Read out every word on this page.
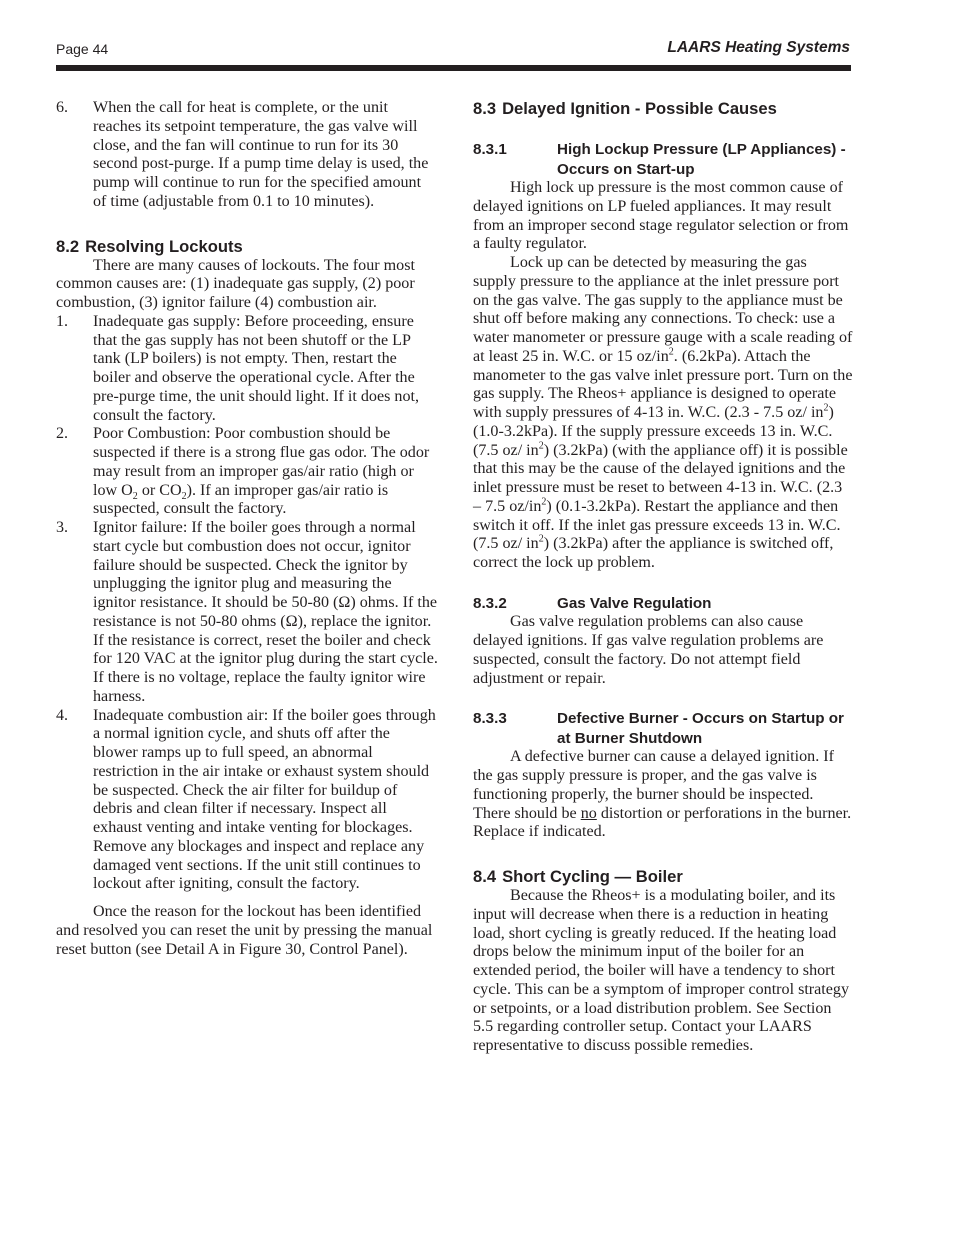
Page 44	LAARS Heating Systems
6. When the call for heat is complete, or the unit reaches its setpoint temperature, the gas valve will close, and the fan will continue to run for its 30 second post-purge. If a pump time delay is used, the pump will continue to run for the specified amount of time (adjustable from 0.1 to 10 minutes).
8.2 Resolving Lockouts

There are many causes of lockouts. The four most common causes are: (1) inadequate gas supply, (2) poor combustion, (3) ignitor failure (4) combustion air.

1. Inadequate gas supply: Before proceeding, ensure that the gas supply has not been shutoff or the LP tank (LP boilers) is not empty. Then, restart the boiler and observe the operational cycle. After the pre-purge time, the unit should light. If it does not, consult the factory.
2. Poor Combustion: Poor combustion should be suspected if there is a strong flue gas odor. The odor may result from an improper gas/air ratio (high or low $O_2$ or $CO_2$). If an improper gas/air ratio is suspected, consult the factory.
3. Ignitor failure: If the boiler goes through a normal start cycle but combustion does not occur, ignitor failure should be suspected. Check the ignitor by unplugging the ignitor plug and measuring the ignitor resistance. It should be 50-80 (Ω) ohms. If the resistance is not 50-80 ohms (Ω), replace the ignitor. If the resistance is correct, reset the boiler and check for 120 VAC at the ignitor plug during the start cycle. If there is no voltage, replace the faulty ignitor wire harness.
4. Inadequate combustion air: If the boiler goes through a normal ignition cycle, and shuts off after the blower ramps up to full speed, an abnormal restriction in the air intake or exhaust system should be suspected. Check the air filter for buildup of debris and clean filter if necessary. Inspect all exhaust venting and intake venting for blockages. Remove any blockages and inspect and replace any damaged vent sections. If the unit still continues to lockout after igniting, consult the factory.

Once the reason for the lockout has been identified and resolved you can reset the unit by pressing the manual reset button (see Detail A in Figure 30, Control Panel).

8.3 Delayed Ignition - Possible Causes
8.3.1	High Lockup Pressure (LP Appliances) - Occurs on Start-up

High lock up pressure is the most common cause of delayed ignitions on LP fueled appliances. It may result from an improper second stage regulator selection or from a faulty regulator.

Lock up can be detected by measuring the gas supply pressure to the appliance at the inlet pressure port on the gas valve. The gas supply to the appliance must be shut off before making any connections. To check: use a water manometer or pressure gauge with a scale reading of at least 25 in. W.C. or 15 $oz/in^2$. (6.2kPa). Attach the manometer to the gas valve inlet pressure port. Turn on the gas supply. The Rheos+ appliance is designed to operate with supply pressures of 4-13 in. W.C. (2.3 - 7.5 oz/ $in^2$) (1.0-3.2kPa). If the supply pressure exceeds 13 in. W.C. (7.5 oz/ $in^2$) (3.2kPa) (with the appliance off) it is possible that this may be the cause of the delayed ignitions and the inlet pressure must be reset to between 4-13 in. W.C. (2.3 – 7.5 $oz/in^2$) (0.1-3.2kPa). Restart the appliance and then switch it off. If the inlet gas pressure exceeds 13 in. W.C. (7.5 oz/ $in^2$) (3.2kPa) after the appliance is switched off, correct the lock up problem.

8.3.2	Gas Valve Regulation

Gas valve regulation problems can also cause delayed ignitions. If gas valve regulation problems are suspected, consult the factory. Do not attempt field adjustment or repair.

8.3.3	Defective Burner - Occurs on Startup or at Burner Shutdown

A defective burner can cause a delayed ignition. If the gas supply pressure is proper, and the gas valve is functioning properly, the burner should be inspected. There should be no distortion or perforations in the burner. Replace if indicated.

8.4 Short Cycling — Boiler

Because the Rheos+ is a modulating boiler, and its input will decrease when there is a reduction in heating load, short cycling is greatly reduced. If the heating load drops below the minimum input of the boiler for an extended period, the boiler will have a tendency to short cycle. This can be a symptom of improper control strategy or setpoints, or a load distribution problem. See Section 5.5 regarding controller setup. Contact your LAARS representative to discuss possible remedies.
